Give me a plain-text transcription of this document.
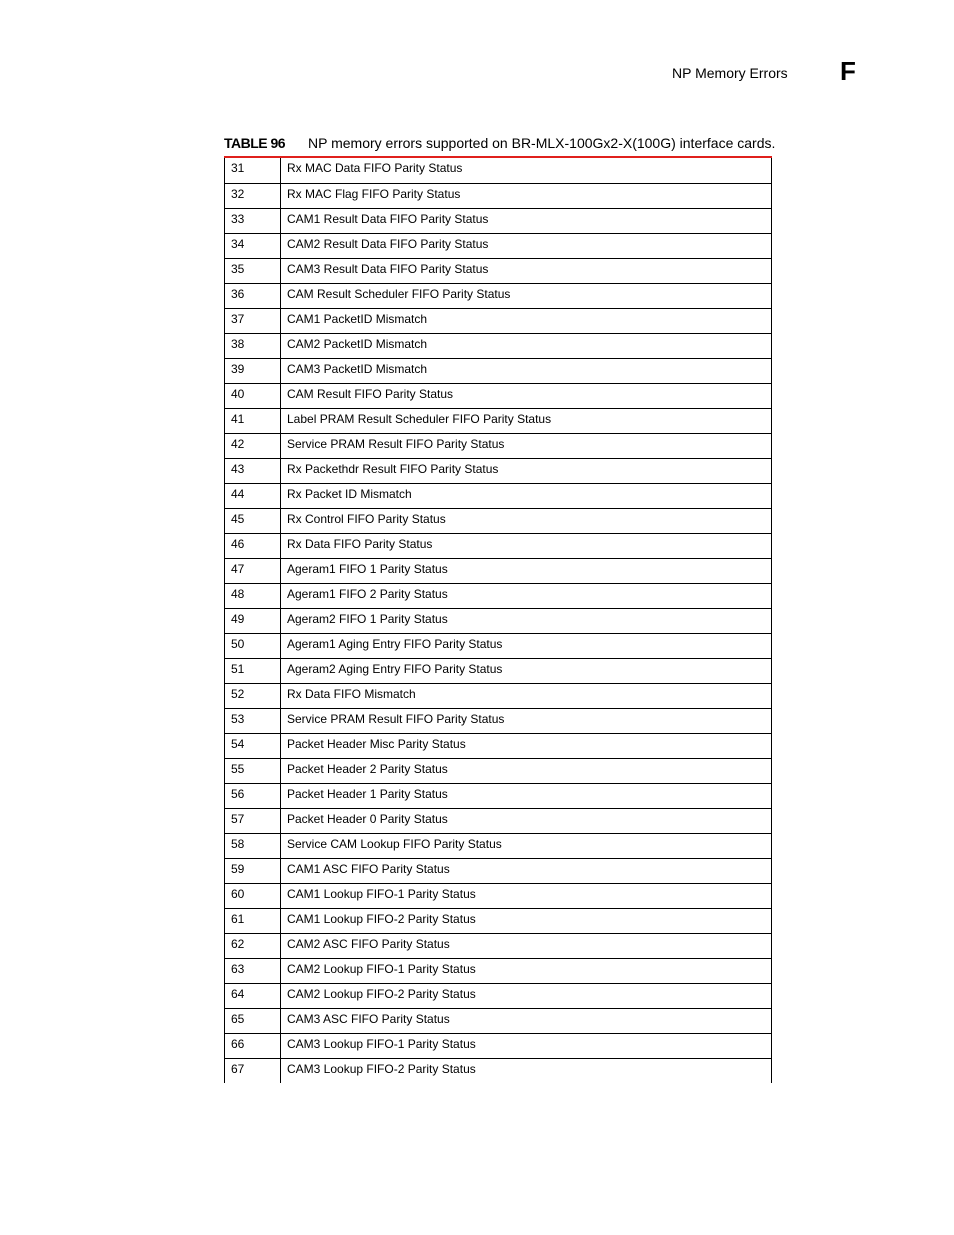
NP Memory Errors F
TABLE 96 NP memory errors supported on BR-MLX-100Gx2-X(100G) interface cards.
31	Rx MAC Data FIFO Parity Status
32	Rx MAC Flag FIFO Parity Status
33	CAM1 Result Data FIFO Parity Status
34	CAM2 Result Data FIFO Parity Status
35	CAM3 Result Data FIFO Parity Status
36	CAM Result Scheduler FIFO Parity Status
37	CAM1 PacketID Mismatch
38	CAM2 PacketID Mismatch
39	CAM3 PacketID Mismatch
40	CAM Result FIFO Parity Status
41	Label PRAM Result Scheduler FIFO Parity Status
42	Service PRAM Result FIFO Parity Status
43	Rx Packethdr Result FIFO Parity Status
44	Rx Packet ID Mismatch
45	Rx Control FIFO Parity Status
46	Rx Data FIFO Parity Status
47	Ageram1 FIFO 1 Parity Status
48	Ageram1 FIFO 2 Parity Status
49	Ageram2 FIFO 1 Parity Status
50	Ageram1 Aging Entry FIFO Parity Status
51	Ageram2 Aging Entry FIFO Parity Status
52	Rx Data FIFO Mismatch
53	Service PRAM Result FIFO Parity Status
54	Packet Header Misc Parity Status
55	Packet Header 2 Parity Status
56	Packet Header 1 Parity Status
57	Packet Header 0 Parity Status
58	Service CAM Lookup FIFO Parity Status
59	CAM1 ASC FIFO Parity Status
60	CAM1 Lookup FIFO-1 Parity Status
61	CAM1 Lookup FIFO-2 Parity Status
62	CAM2 ASC FIFO Parity Status
63	CAM2 Lookup FIFO-1 Parity Status
64	CAM2 Lookup FIFO-2 Parity Status
65	CAM3 ASC FIFO Parity Status
66	CAM3 Lookup FIFO-1 Parity Status
67	CAM3 Lookup FIFO-2 Parity Status
